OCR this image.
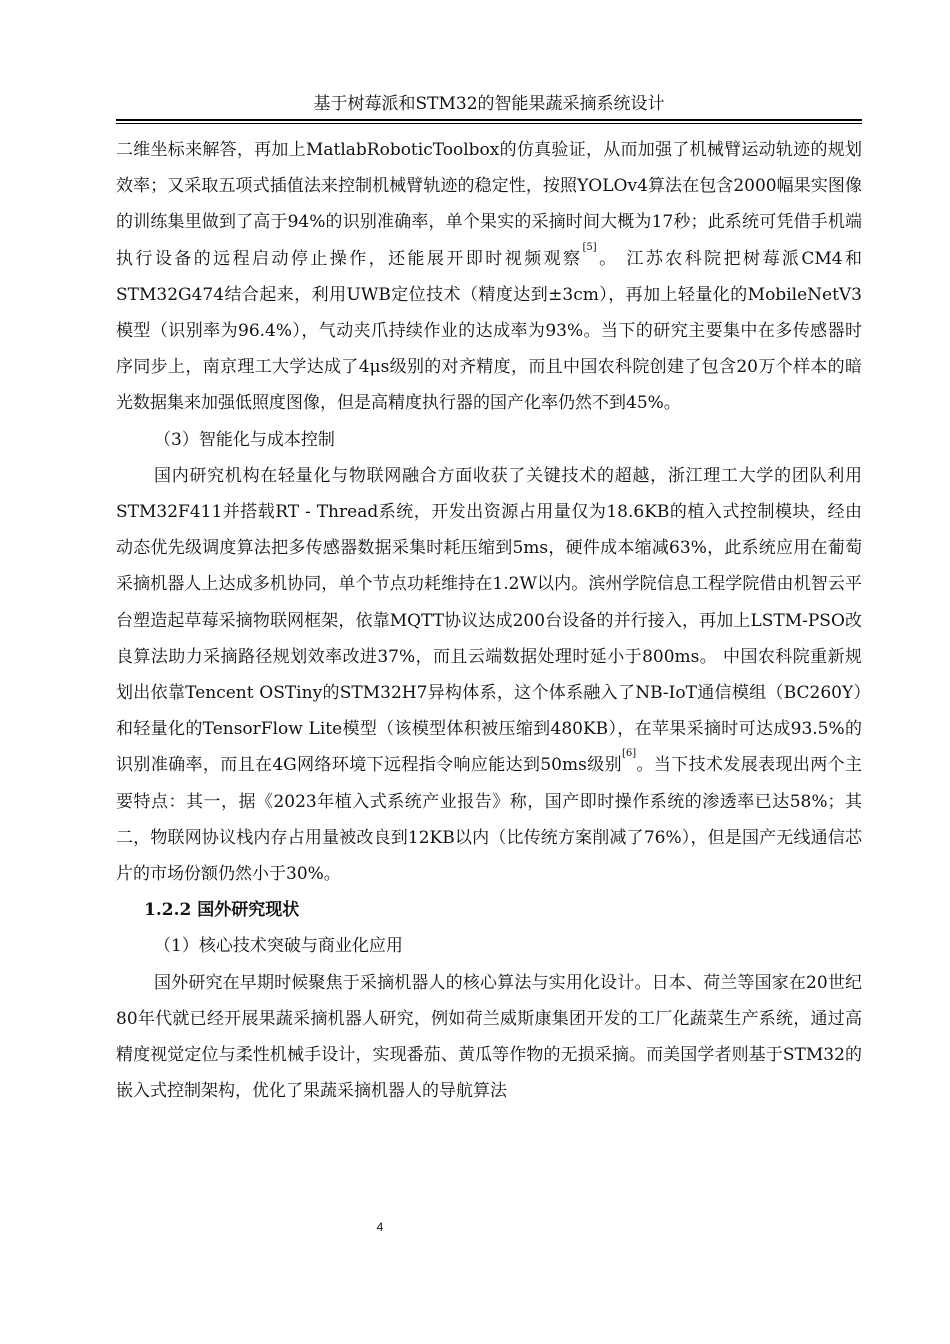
基于树莓派和STM32的智能果蔬采摘系统设计

二维坐标来解答，再加上MatlabRoboticToolbox的仿真验证，从而加强了机械臂运动轨迹的规划效率；又采取五项式插值法来控制机械臂轨迹的稳定性，按照YOLOv4算法在包含2000幅果实图像的训练集里做到了高于94%的识别准确率，单个果实的采摘时间大概为17秒；此系统可凭借手机端执行设备的远程启动停止操作，还能展开即时视频观察[5]。 江苏农科院把树莓派CM4和STM32G474结合起来，利用UWB定位技术（精度达到±3cm），再加上轻量化的MobileNetV3模型（识别率为96.4%），气动夹爪持续作业的达成率为93%。当下的研究主要集中在多传感器时序同步上，南京理工大学达成了4μs级别的对齐精度，而且中国农科院创建了包含20万个样本的暗光数据集来加强低照度图像，但是高精度执行器的国产化率仍然不到45%。

（3）智能化与成本控制

国内研究机构在轻量化与物联网融合方面收获了关键技术的超越，浙江理工大学的团队利用STM32F411并搭载RT - Thread系统，开发出资源占用量仅为18.6KB的植入式控制模块，经由动态优先级调度算法把多传感器数据采集时耗压缩到5ms，硬件成本缩减63%，此系统应用在葡萄采摘机器人上达成多机协同，单个节点功耗维持在1.2W以内。滨州学院信息工程学院借由机智云平台塑造起草莓采摘物联网框架，依靠MQTT协议达成200台设备的并行接入，再加上LSTM-PSO改良算法助力采摘路径规划效率改进37%，而且云端数据处理时延小于800ms。 中国农科院重新规划出依靠Tencent OSTiny的STM32H7异构体系，这个体系融入了NB-IoT通信模组（BC260Y）和轻量化的TensorFlow Lite模型（该模型体积被压缩到480KB），在苹果采摘时可达成93.5%的识别准确率，而且在4G网络环境下远程指令响应能达到50ms级别[6]。当下技术发展表现出两个主要特点：其一，据《2023年植入式系统产业报告》称，国产即时操作系统的渗透率已达58%；其二，物联网协议栈内存占用量被改良到12KB以内（比传统方案削减了76%），但是国产无线通信芯片的市场份额仍然小于30%。

1.2.2 国外研究现状

（1）核心技术突破与商业化应用

国外研究在早期时候聚焦于采摘机器人的核心算法与实用化设计。日本、荷兰等国家在20世纪80年代就已经开展果蔬采摘机器人研究，例如荷兰威斯康集团开发的工厂化蔬菜生产系统，通过高精度视觉定位与柔性机械手设计，实现番茄、黄瓜等作物的无损采摘。而美国学者则基于STM32的嵌入式控制架构，优化了果蔬采摘机器人的导航算法

4
